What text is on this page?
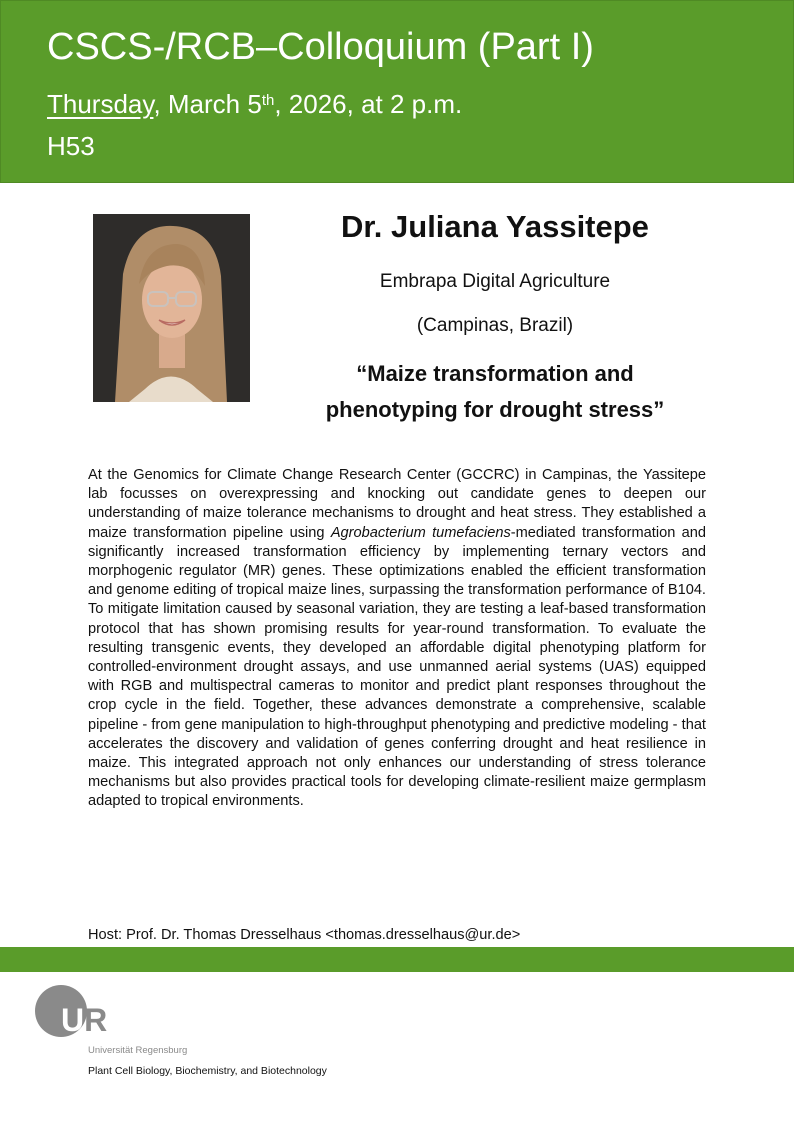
CSCS-/RCB–Colloquium (Part I)
Thursday, March 5th, 2026, at 2 p.m.
H53
Dr. Juliana Yassitepe
Embrapa Digital Agriculture
(Campinas, Brazil)
“Maize transformation and
phenotyping for drought stress”
At the Genomics for Climate Change Research Center (GCCRC) in Campinas, the Yassitepe lab focusses on overexpressing and knocking out candidate genes to deepen our understanding of maize tolerance mechanisms to drought and heat stress. They established a maize transformation pipeline using Agrobacterium tumefaciens-mediated transformation and significantly increased transformation efficiency by implementing ternary vectors and morphogenic regulator (MR) genes. These optimizations enabled the efficient transformation and genome editing of tropical maize lines, surpassing the transformation performance of B104. To mitigate limitation caused by seasonal variation, they are testing a leaf-based transformation protocol that has shown promising results for year-round transformation. To evaluate the resulting transgenic events, they developed an affordable digital phenotyping platform for controlled-environment drought assays, and use unmanned aerial systems (UAS) equipped with RGB and multispectral cameras to monitor and predict plant responses throughout the crop cycle in the field. Together, these advances demonstrate a comprehensive, scalable pipeline - from gene manipulation to high-throughput phenotyping and predictive modeling - that accelerates the discovery and validation of genes conferring drought and heat resilience in maize. This integrated approach not only enhances our understanding of stress tolerance mechanisms but also provides practical tools for developing climate-resilient maize germplasm adapted to tropical environments.
Host: Prof. Dr. Thomas Dresselhaus <thomas.dresselhaus@ur.de>
UR
Universität Regensburg
Plant Cell Biology, Biochemistry, and Biotechnology
